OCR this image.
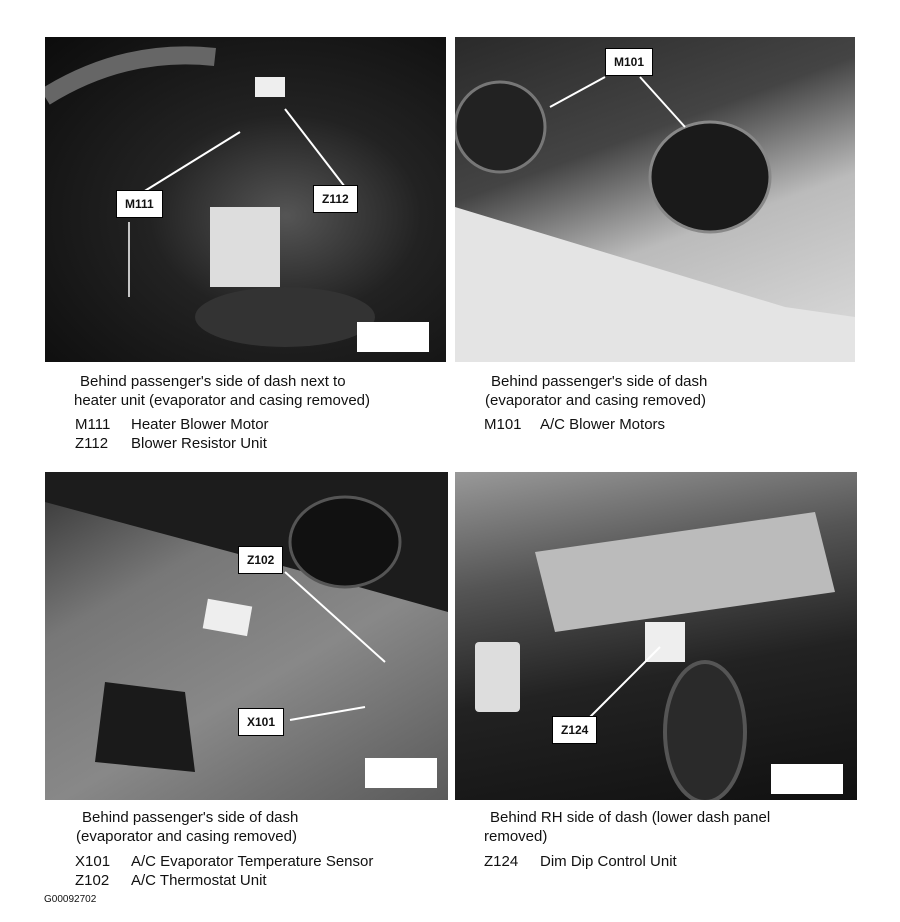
M111	Z112
Behind passenger's side of dash next to
heater unit (evaporator and casing removed)
M111 Heater Blower Motor
Z112 Blower Resistor Unit
M101
Behind passenger's side of dash
(evaporator and casing removed)
M101 A/C Blower Motors
Z102
X101
Behind passenger's side of dash
(evaporator and casing removed)
X101 A/C Evaporator Temperature Sensor
Z102 A/C Thermostat Unit
Z124
Behind RH side of dash (lower dash panel
removed)
Z124 Dim Dip Control Unit
G00092702
